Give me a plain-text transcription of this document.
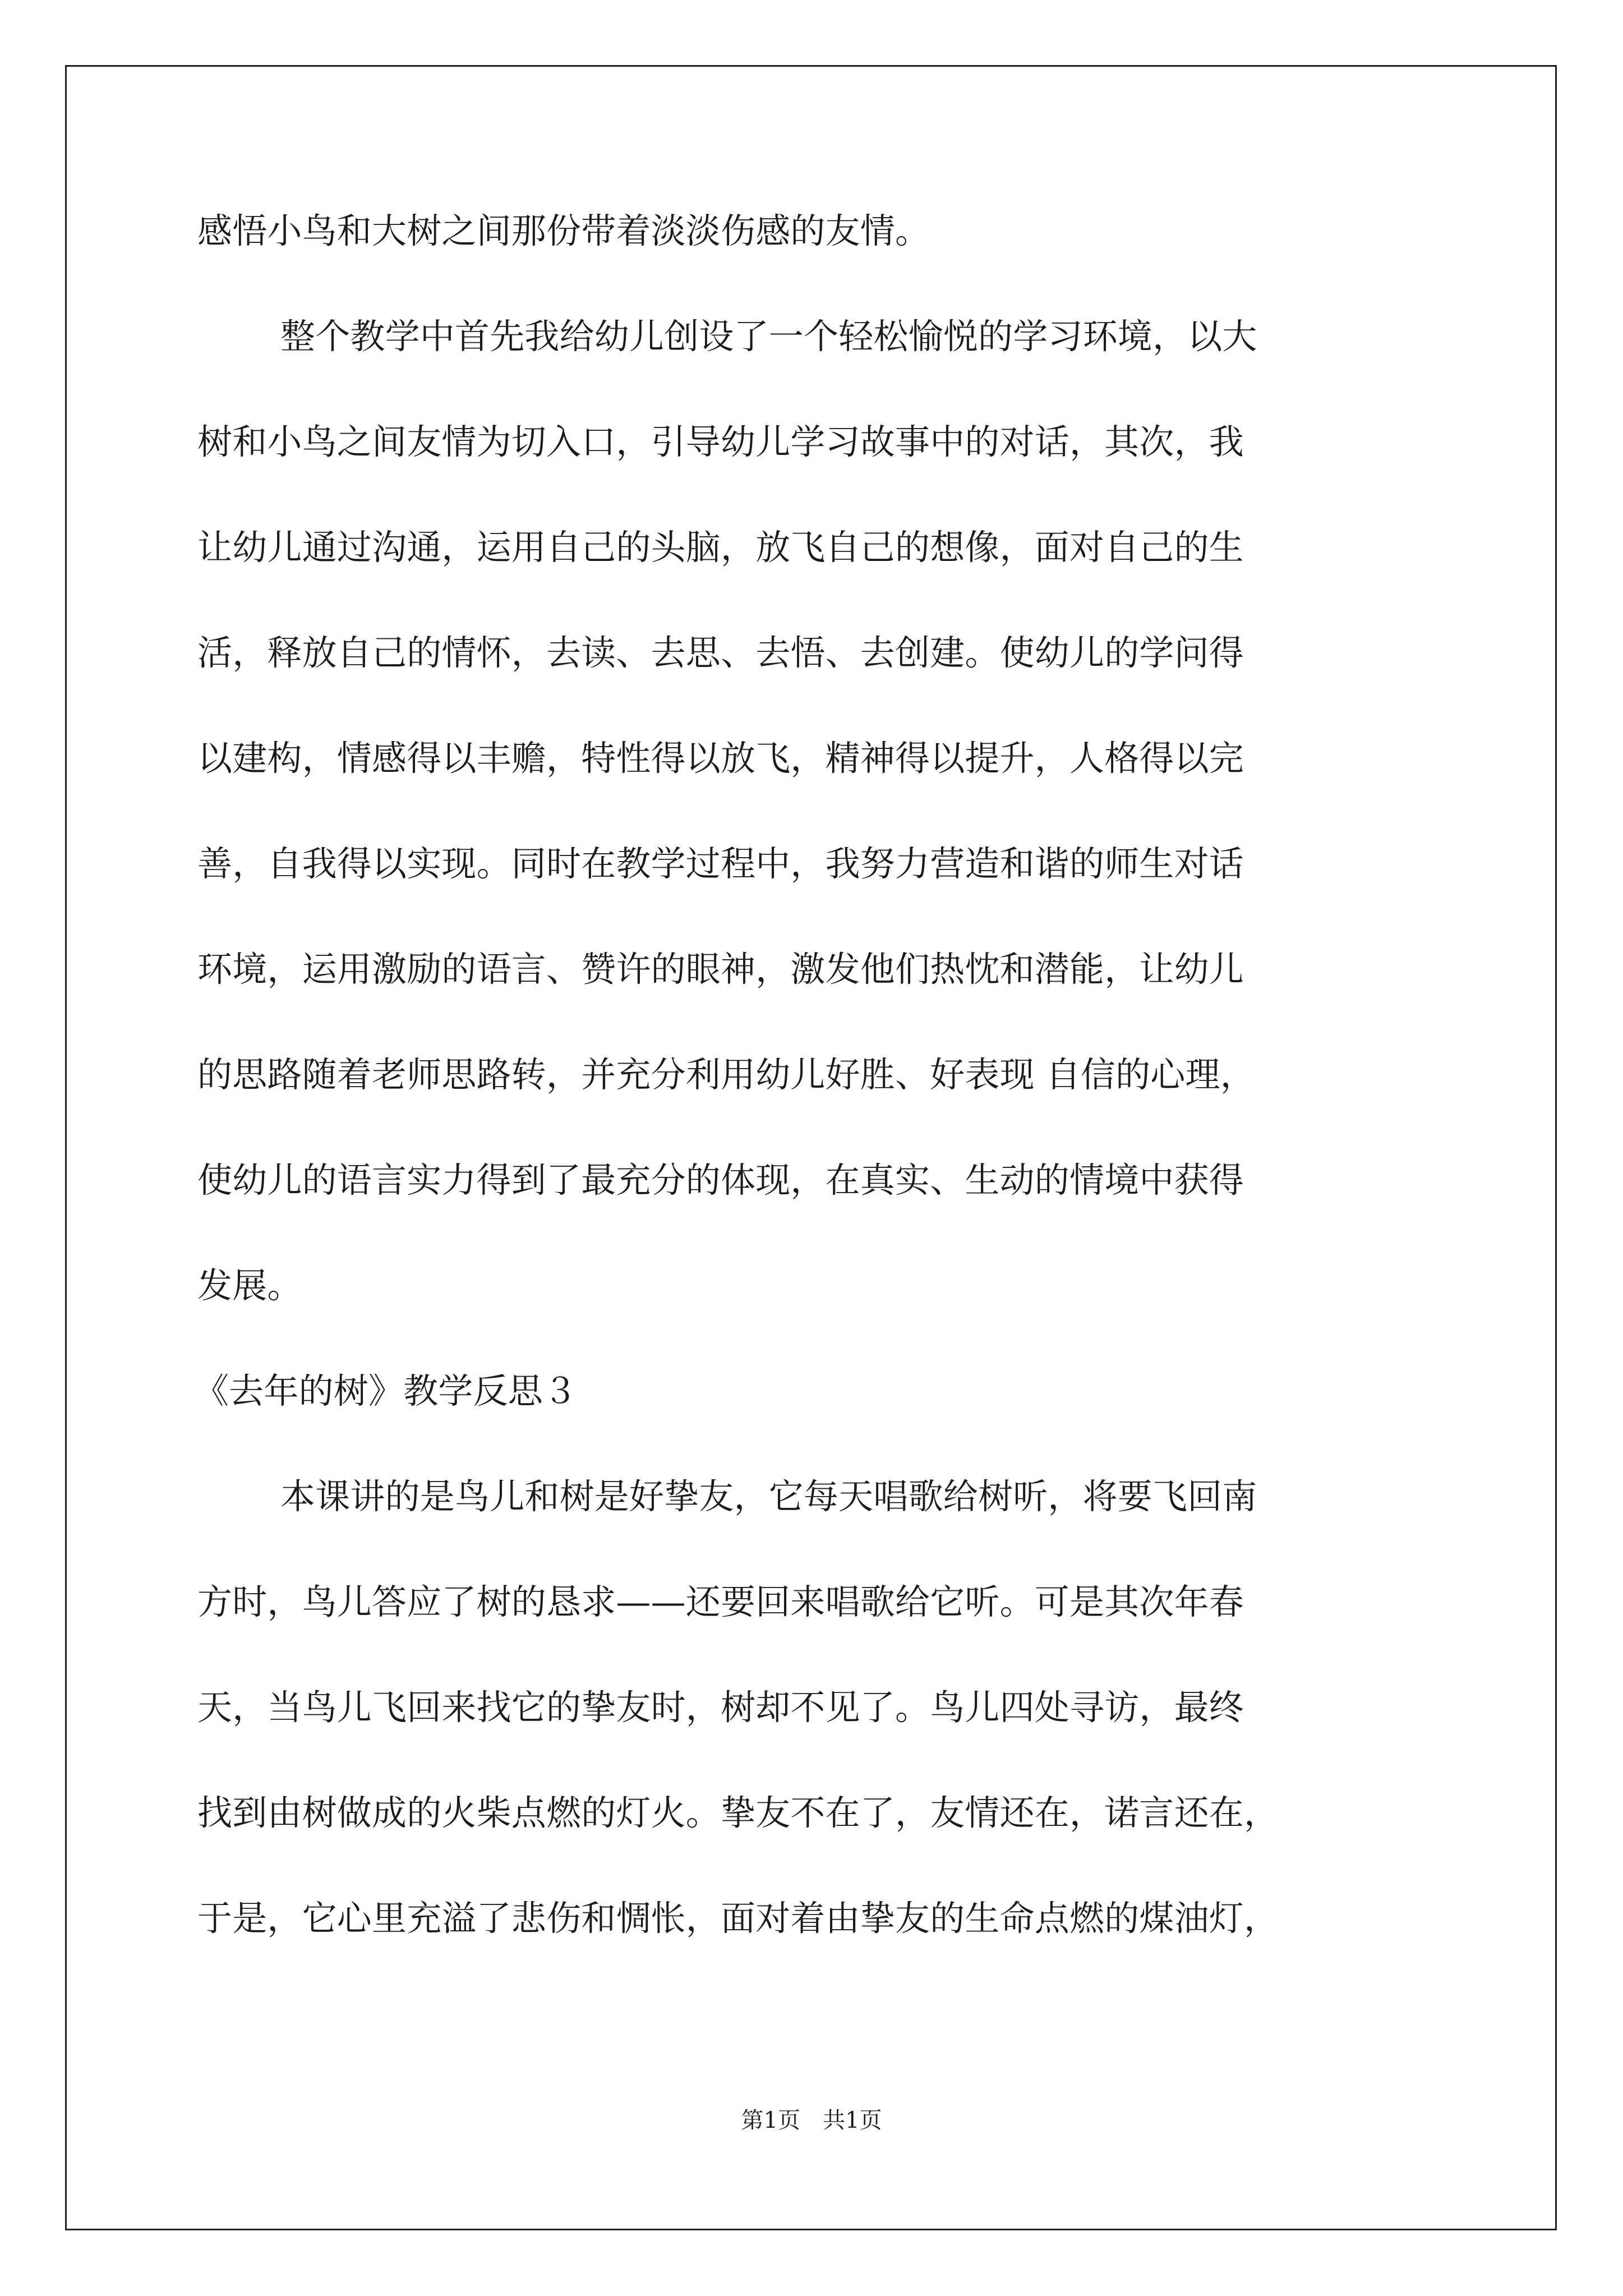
感悟小鸟和大树之间那份带着淡淡伤感的友情。
整个教学中首先我给幼儿创设了一个轻松愉悦的学习环境，以大
树和小鸟之间友情为切入口，引导幼儿学习故事中的对话，其次，我
让幼儿通过沟通，运用自己的头脑，放飞自己的想像，面对自己的生
活，释放自己的情怀，去读、去思、去悟、去创建。使幼儿的学问得
以建构，情感得以丰赡，特性得以放飞，精神得以提升，人格得以完
善，自我得以实现。同时在教学过程中，我努力营造和谐的师生对话
环境，运用激励的语言、赞许的眼神，激发他们热忱和潜能，让幼儿
的思路随着老师思路转，并充分利用幼儿好胜、好表现 自信的心理，
使幼儿的语言实力得到了最充分的体现，在真实、生动的情境中获得
发展。
《去年的树》教学反思３
本课讲的是鸟儿和树是好挚友，它每天唱歌给树听，将要飞回南
方时，鸟儿答应了树的恳求——还要回来唱歌给它听。可是其次年春
天，当鸟儿飞回来找它的挚友时，树却不见了。鸟儿四处寻访，最终
找到由树做成的火柴点燃的灯火。挚友不在了，友情还在，诺言还在，
于是，它心里充溢了悲伤和惆怅，面对着由挚友的生命点燃的煤油灯，
第1页　共1页
